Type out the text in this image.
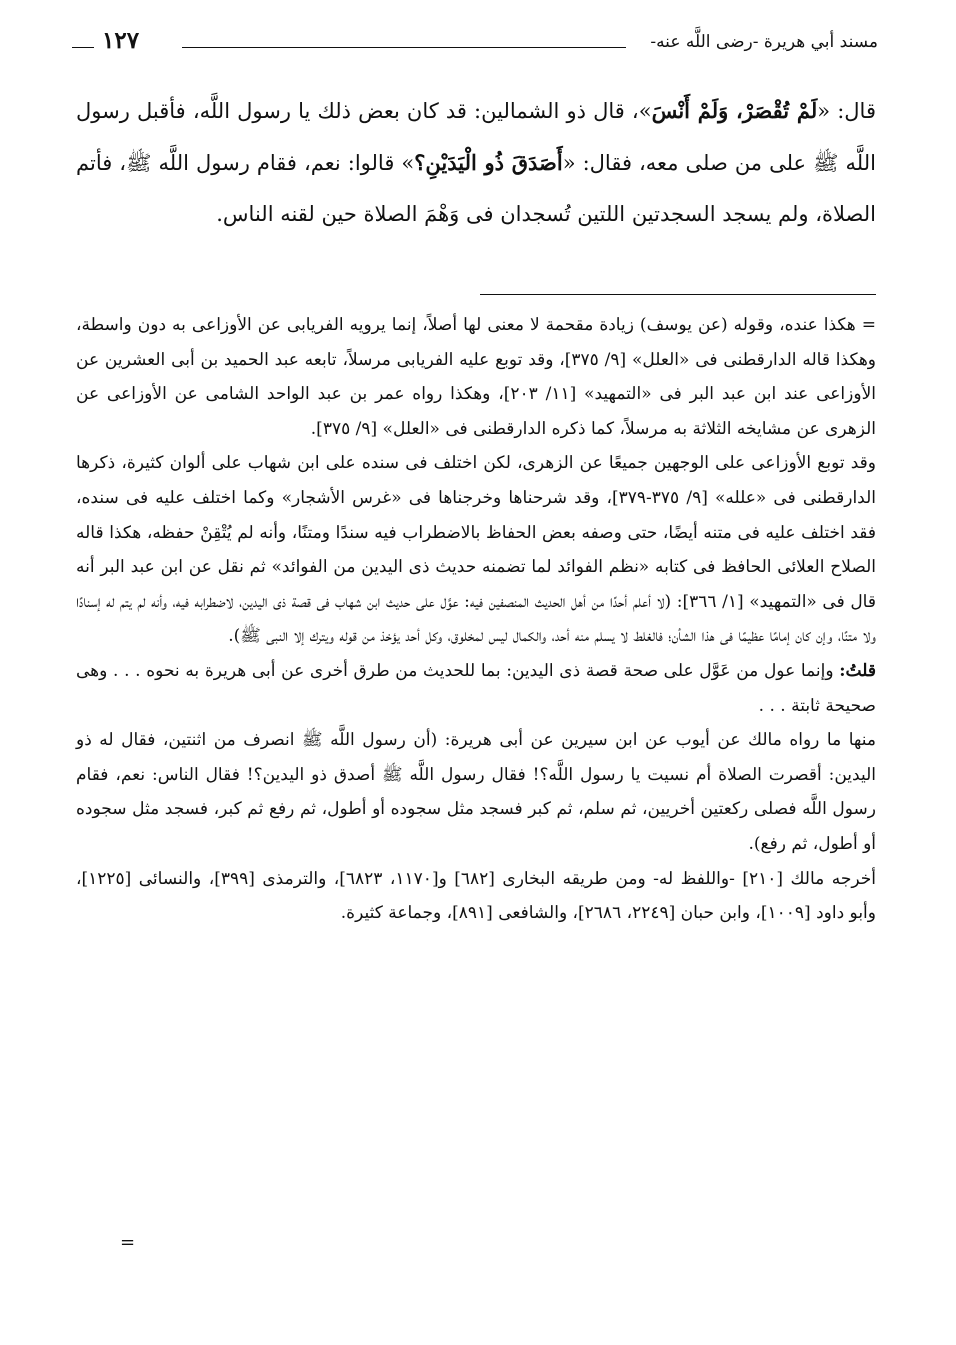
مسند أبي هريرة -رضى اللَّه عنه-
١٢٧

قال: «لَمْ تُقْصَرْ، وَلَمْ أَنْسَ»، قال ذو الشمالين: قد كان بعض ذلك يا رسول اللَّه، فأقبل رسول اللَّه ﷺ على من صلى معه، فقال: «أَصَدَقَ ذُو الْيَدَيْنِ؟» قالوا: نعم، فقام رسول اللَّه ﷺ، فأتم الصلاة، ولم يسجد السجدتين اللتين تُسجدان فى وَهْمَ الصلاة حين لقنه الناس.

=هكذا عنده، وقوله (عن يوسف) زيادة مقحمة لا معنى لها أصلاً، إنما يرويه الفريابى عن الأوزاعى به دون واسطة، وهكذا قاله الدارقطنى فى «العلل» [٩/ ٣٧٥]، وقد توبع عليه الفريابى مرسلاً، تابعه عبد الحميد بن أبى العشرين عن الأوزاعى عند ابن عبد البر فى «التمهيد» [١١/ ٢٠٣]، وهكذا رواه عمر بن عبد الواحد الشامى عن الأوزاعى عن الزهرى عن مشايخه الثلاثة به مرسلاً، كما ذكره الدارقطنى فى «العلل» [٩/ ٣٧٥].

وقد توبع الأوزاعى على الوجهين جميعًا عن الزهرى، لكن اختلف فى سنده على ابن شهاب على ألوان كثيرة، ذكرها الدارقطنى فى «علله» [٩/ ٣٧٥-٣٧٩]، وقد شرحناها وخرجناها فى «غرس الأشجار» وكما اختلف عليه فى سنده، فقد اختلف عليه فى متنه أيضًا، حتى وصفه بعض الحفاظ بالاضطراب فيه سندًا ومتنًا، وأنه لم يُتْقِنْ حفظه، هكذا قاله الصلاح العلائى الحافظ فى كتابه «نظم الفوائد لما تضمنه حديث ذى اليدين من الفوائد» ثم نقل عن ابن عبد البر أنه قال فى «التمهيد» [١/ ٣٦٦]: (لا أعلم أحدًا من أهل الحديث المنصفين فيه: عوَّل على حديث ابن شهاب فى قصة ذى اليدين، لاضطرابه فيه، وأنه لم يتم له إسنادًا ولا متنًا، وإن كان إمامًا عظيمًا فى هذا الشأن؛ فالغلط لا يسلم منه أحد، والكمال ليس لمخلوق، وكل أحد يؤخذ من قوله ويترك إلا النبى ﷺ).

قلتُ: وإنما عول من عَوَّل على صحة قصة ذى اليدين: بما للحديث من طرق أخرى عن أبى هريرة به نحوه . . . وهى صحيحة ثابتة . . .

منها ما رواه مالك عن أيوب عن ابن سيرين عن أبى هريرة: (أن رسول اللَّه ﷺ انصرف من اثنتين، فقال له ذو اليدين: أقصرت الصلاة أم نسيت يا رسول اللَّه؟! فقال رسول اللَّه ﷺ أصدق ذو اليدين؟! فقال الناس: نعم، فقام رسول اللَّه فصلى ركعتين أخريين، ثم سلم، ثم كبر فسجد مثل سجوده أو أطول، ثم رفع ثم كبر، فسجد مثل سجوده أو أطول، ثم رفع).

أخرجه مالك [٢١٠] -واللفظ له- ومن طريقه البخارى [٦٨٢] و[١١٧٠، ٦٨٢٣]، والترمذى [٣٩٩]، والنسائى [١٢٢٥]، وأبو داود [١٠٠٩]، وابن حبان [٢٢٤٩، ٢٦٨٦]، والشافعى [٨٩١]، وجماعة كثيرة.

=
